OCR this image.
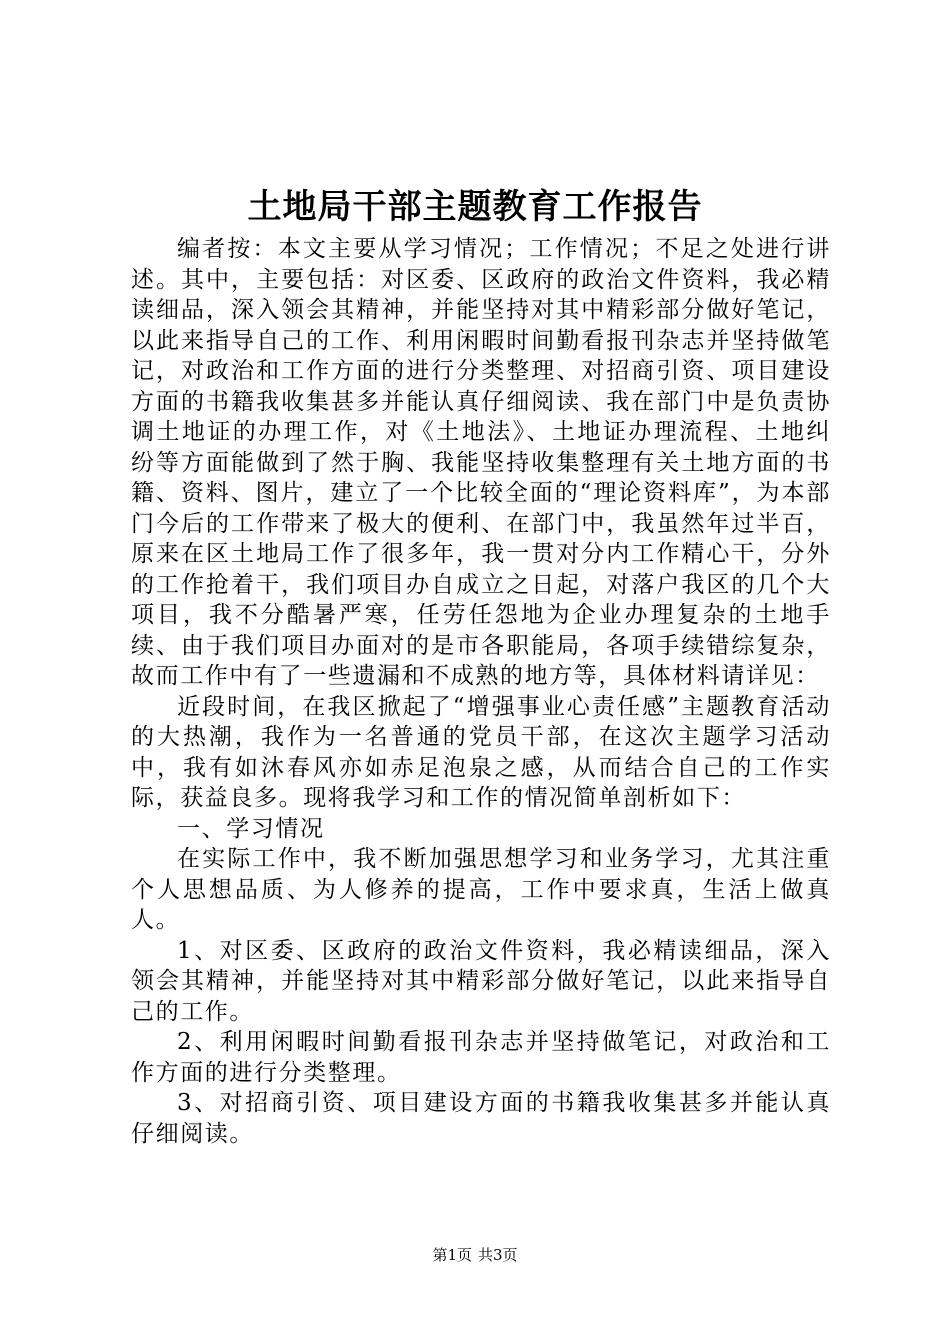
土地局干部主题教育工作报告

编者按：本文主要从学习情况；工作情况；不足之处进行讲述。其中，主要包括：对区委、区政府的政治文件资料，我必精读细品，深入领会其精神，并能坚持对其中精彩部分做好笔记，以此来指导自己的工作、利用闲暇时间勤看报刊杂志并坚持做笔记，对政治和工作方面的进行分类整理、对招商引资、项目建设方面的书籍我收集甚多并能认真仔细阅读、我在部门中是负责协调土地证的办理工作，对《土地法》、土地证办理流程、土地纠纷等方面能做到了然于胸、我能坚持收集整理有关土地方面的书籍、资料、图片，建立了一个比较全面的“理论资料库”，为本部门今后的工作带来了极大的便利、在部门中，我虽然年过半百，原来在区土地局工作了很多年，我一贯对分内工作精心干，分外的工作抢着干，我们项目办自成立之日起，对落户我区的几个大项目，我不分酷暑严寒，任劳任怨地为企业办理复杂的土地手续、由于我们项目办面对的是市各职能局，各项手续错综复杂，故而工作中有了一些遗漏和不成熟的地方等，具体材料请详见：

近段时间，在我区掀起了“增强事业心责任感”主题教育活动的大热潮，我作为一名普通的党员干部，在这次主题学习活动中，我有如沐春风亦如赤足泡泉之感，从而结合自己的工作实际，获益良多。现将我学习和工作的情况简单剖析如下：

一、学习情况

在实际工作中，我不断加强思想学习和业务学习，尤其注重个人思想品质、为人修养的提高，工作中要求真，生活上做真人。

1、对区委、区政府的政治文件资料，我必精读细品，深入领会其精神，并能坚持对其中精彩部分做好笔记，以此来指导自己的工作。

2、利用闲暇时间勤看报刊杂志并坚持做笔记，对政治和工作方面的进行分类整理。

3、对招商引资、项目建设方面的书籍我收集甚多并能认真仔细阅读。

第1页 共3页
